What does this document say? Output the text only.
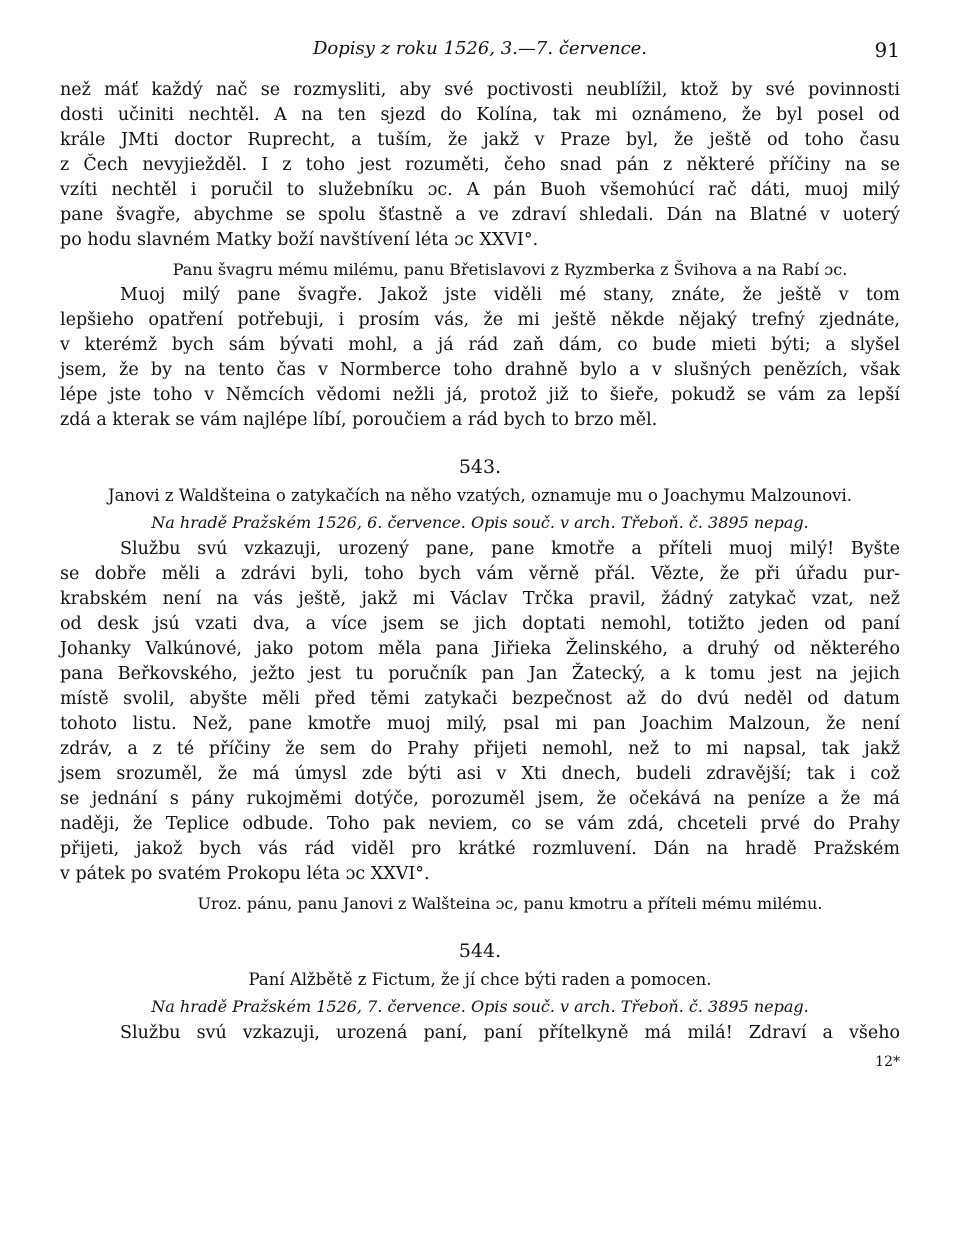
Dopisy z roku 1526, 3.—7. července.	91
než máť každý nač se rozmysliti, aby své poctivosti neublížil, ktož by své povinnosti
dosti učiniti nechtěl. A na ten sjezd do Kolína, tak mi oznámeno, že byl posel od
krále JMti doctor Ruprecht, a tuším, že jakž v Praze byl, že ještě od toho času
z Čech nevyjiežděl. I z toho jest rozuměti, čeho snad pán z některé příčiny na se
vzíti nechtěl i poručil to služebníku ɔc. A pán Buoh všemohúcí rač dáti, muoj milý
pane švagře, abychme se spolu šťastně a ve zdraví shledali. Dán na Blatné v uoterý
po hodu slavném Matky boží navštívení léta ɔc XXVI°.
Panu švagru mému milému, panu Břetislavovi z Ryzmberka z Švihova a na Rabí ɔc.
Muoj milý pane švagře. Jakož jste viděli mé stany, znáte, že ještě v tom
lepšieho opatření potřebuji, i prosím vás, že mi ještě někde nějaký trefný zjednáte,
v kterémž bych sám bývati mohl, a já rád zaň dám, co bude mieti býti; a slyšel
jsem, že by na tento čas v Normberce toho drahně bylo a v slušných penězích, však
lépe jste toho v Němcích vědomi nežli já, protož již to šieře, pokudž se vám za lepší
zdá a kterak se vám najlépe líbí, poroučiem a rád bych to brzo měl.
543.
Janovi z Waldšteina o zatykačích na něho vzatých, oznamuje mu o Joachymu Malzounovi.
Na hradě Pražském 1526, 6. července. Opis souč. v arch. Třeboň. č. 3895 nepag.
Službu svú vzkazuji, urozený pane, pane kmotře a příteli muoj milý! Byšte
se dobře měli a zdrávi byli, toho bych vám věrně přál. Vězte, že při úřadu pur-
krabském není na vás ještě, jakž mi Václav Trčka pravil, žádný zatykač vzat, než
od desk jsú vzati dva, a více jsem se jich doptati nemohl, totižto jeden od paní
Johanky Valkúnové, jako potom měla pana Jiřieka Želinského, a druhý od některého
pana Beřkovského, ježto jest tu poručník pan Jan Žatecký, a k tomu jest na jejich
místě svolil, abyšte měli před těmi zatykači bezpečnost až do dvú neděl od datum
tohoto listu. Než, pane kmotře muoj milý, psal mi pan Joachim Malzoun, že není
zdráv, a z té příčiny že sem do Prahy přijeti nemohl, než to mi napsal, tak jakž
jsem srozuměl, že má úmysl zde býti asi v Xti dnech, budeli zdravější; tak i což
se jednání s pány rukojměmi dotýče, porozuměl jsem, že očekává na peníze a že má
naději, že Teplice odbude. Toho pak neviem, co se vám zdá, chceteli prvé do Prahy
přijeti, jakož bych vás rád viděl pro krátké rozmluvení. Dán na hradě Pražském
v pátek po svatém Prokopu léta ɔc XXVI°.
Uroz. pánu, panu Janovi z Walšteina ɔc, panu kmotru a příteli mému milému.
544.
Paní Alžbětě z Fictum, že jí chce býti raden a pomocen.
Na hradě Pražském 1526, 7. července. Opis souč. v arch. Třeboň. č. 3895 nepag.
Službu svú vzkazuji, urozená paní, paní přítelkyně má milá! Zdraví a všeho
12*
